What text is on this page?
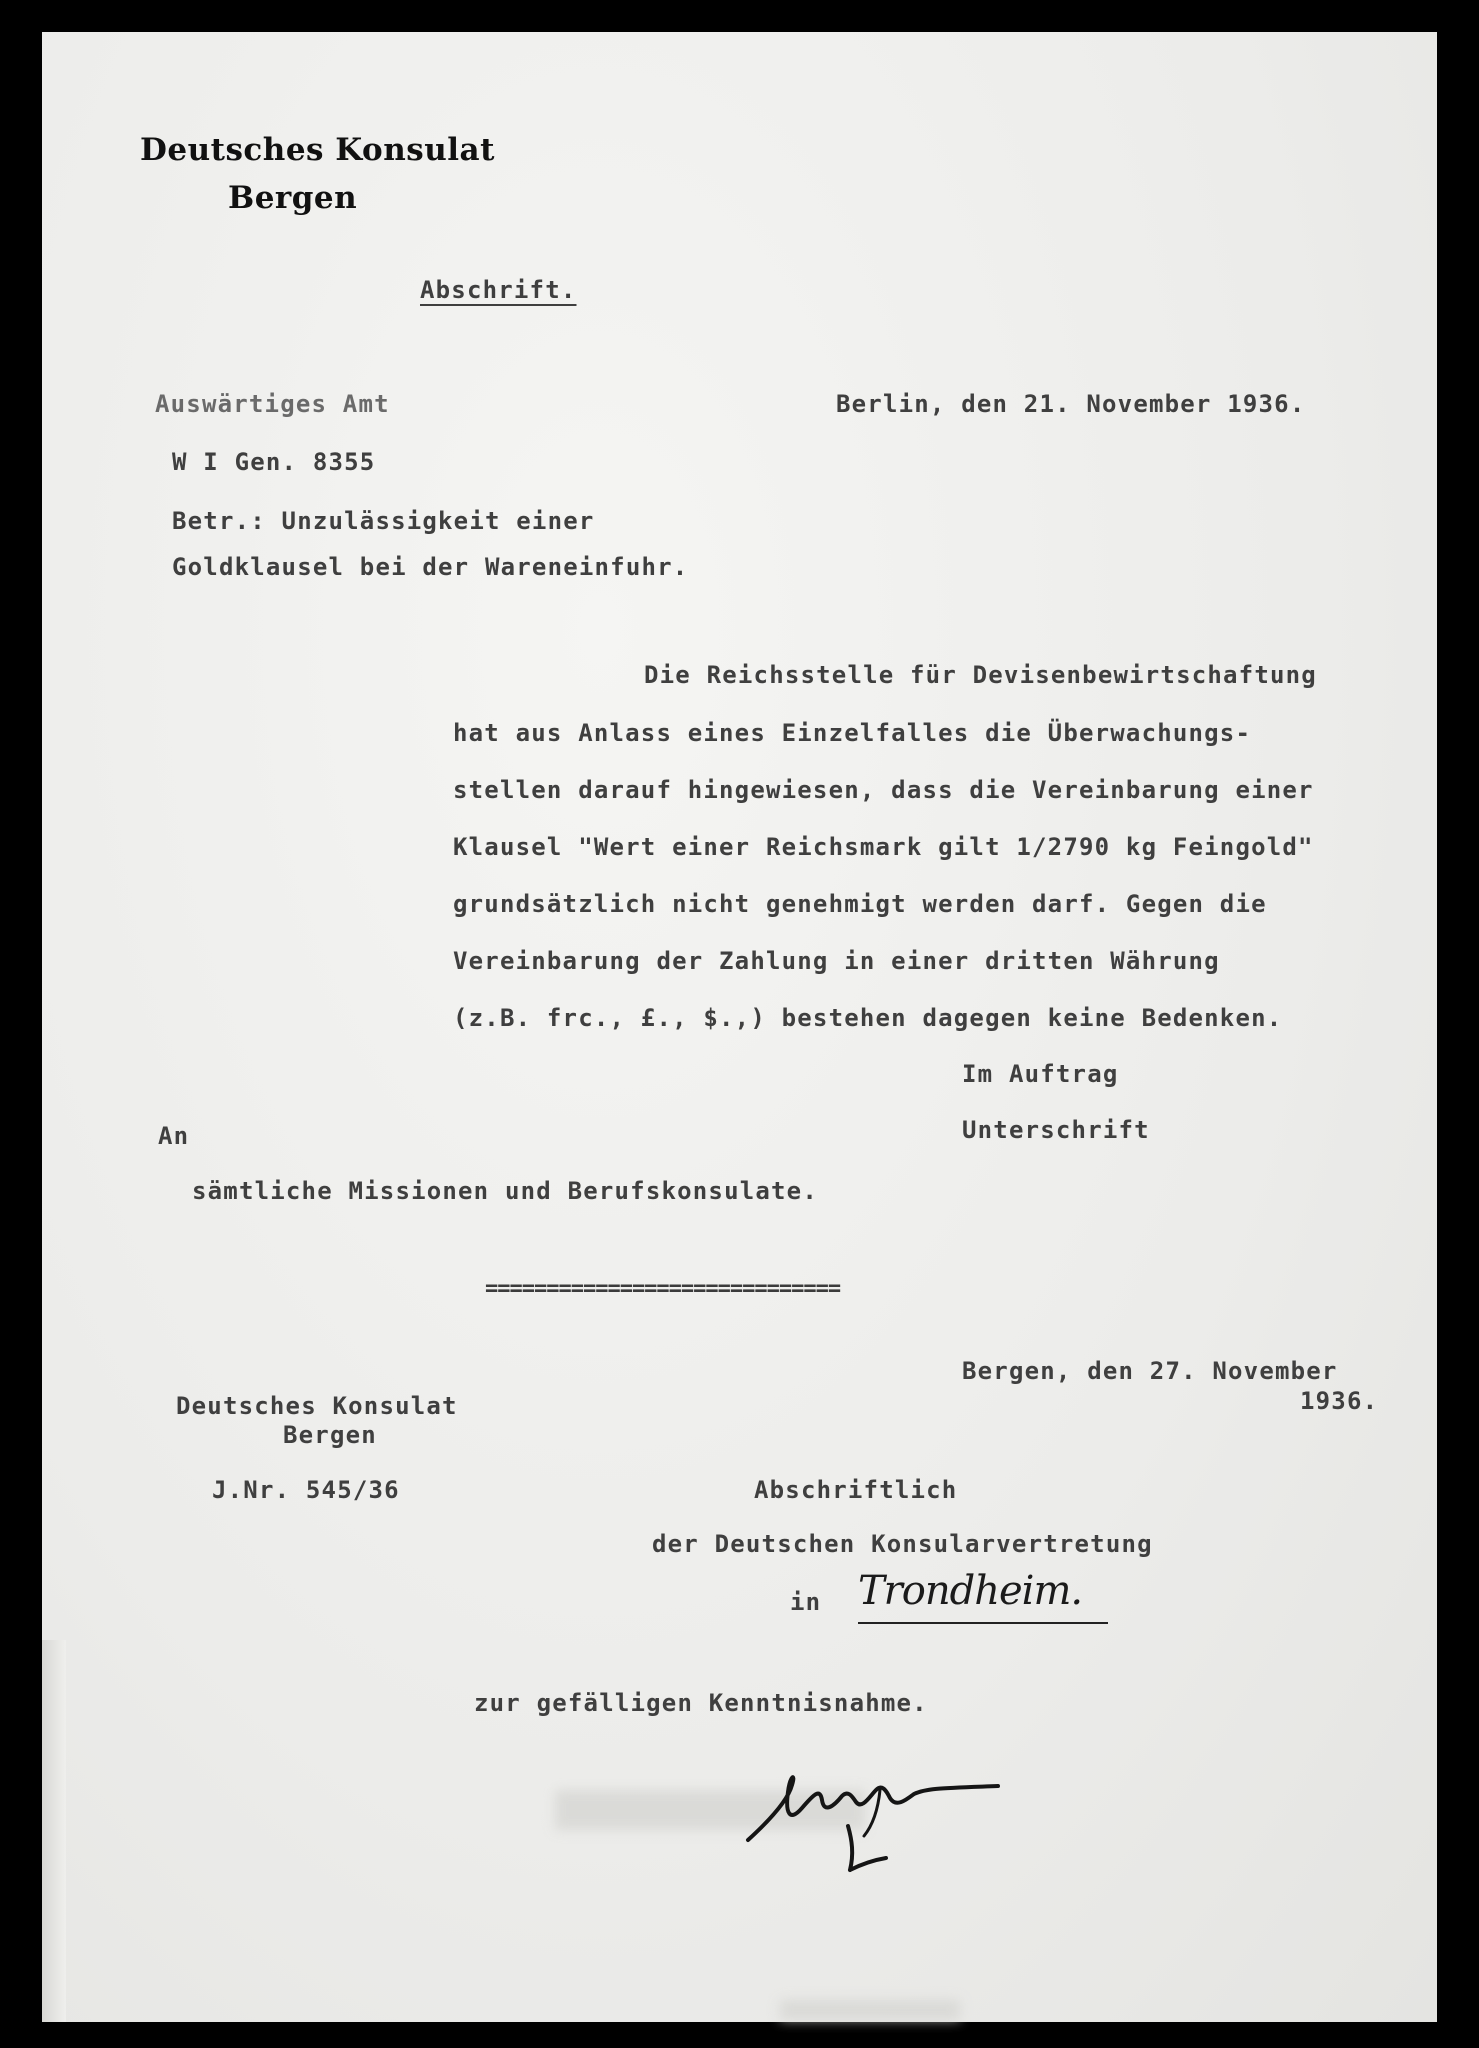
Deutsches Konsulat
Bergen
Abschrift.
Auswärtiges Amt	Berlin, den 21. November 1936.
W I Gen. 8355
Betr.: Unzulässigkeit einer
Goldklausel bei der Wareneinfuhr.
Die Reichsstelle für Devisenbewirtschaftung
hat aus Anlass eines Einzelfalles die Überwachungs-
stellen darauf hingewiesen, dass die Vereinbarung einer
Klausel "Wert einer Reichsmark gilt 1/2790 kg Feingold"
grundsätzlich nicht genehmigt werden darf. Gegen die
Vereinbarung der Zahlung in einer dritten Währung
(z.B. frc., £., $.,) bestehen dagegen keine Bedenken.
Im Auftrag
Unterschrift
An
sämtliche Missionen und Berufskonsulate.
=============================
Bergen, den 27. November
1936.
Deutsches Konsulat
Bergen
J.Nr. 545/36	Abschriftlich
der Deutschen Konsularvertretung
in Trondheim.
zur gefälligen Kenntnisnahme.
